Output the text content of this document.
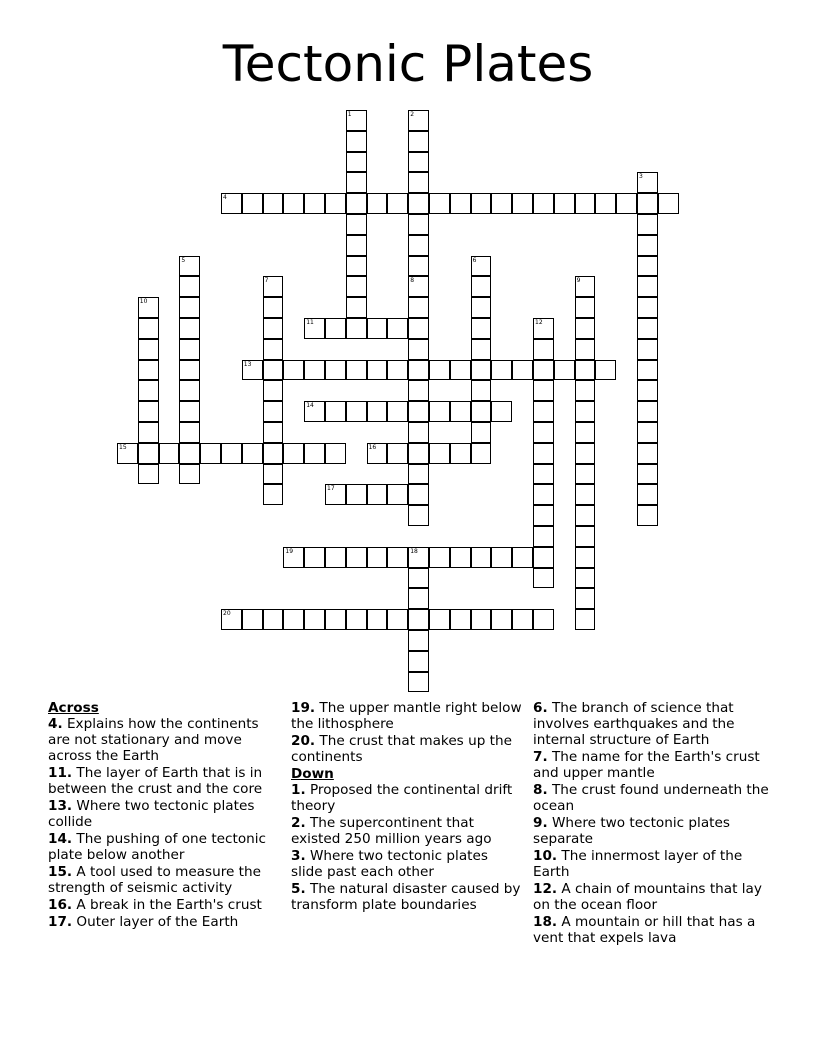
Tectonic Plates
4
11
13
14
15	16
17
19	18
20
1	2
3
5	6
7	8	9
10
12
Across
4. Explains how the continents are not stationary and move across the Earth
11. The layer of Earth that is in between the crust and the core
13. Where two tectonic plates collide
14. The pushing of one tectonic plate below another
15. A tool used to measure the strength of seismic activity
16. A break in the Earth's crust
17. Outer layer of the Earth
19. The upper mantle right below the lithosphere
20. The crust that makes up the continents
Down
1. Proposed the continental drift theory
2. The supercontinent that existed 250 million years ago
3. Where two tectonic plates slide past each other
5. The natural disaster caused by transform plate boundaries
6. The branch of science that involves earthquakes and the internal structure of Earth
7. The name for the Earth's crust and upper mantle
8. The crust found underneath the ocean
9. Where two tectonic plates separate
10. The innermost layer of the Earth
12. A chain of mountains that lay on the ocean floor
18. A mountain or hill that has a vent that expels lava
